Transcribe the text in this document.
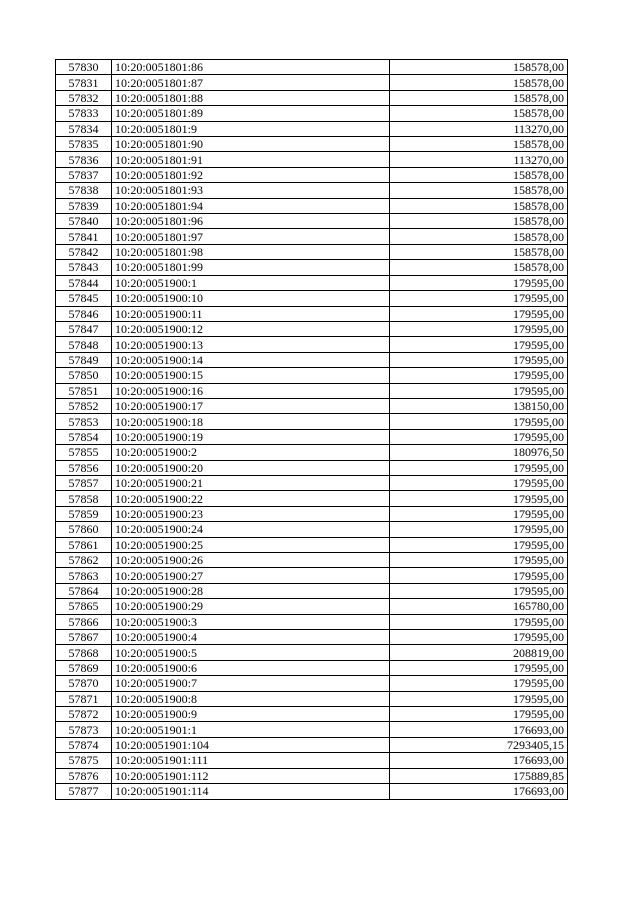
57830	10:20:0051801:86	158578,00
57831	10:20:0051801:87	158578,00
57832	10:20:0051801:88	158578,00
57833	10:20:0051801:89	158578,00
57834	10:20:0051801:9	113270,00
57835	10:20:0051801:90	158578,00
57836	10:20:0051801:91	113270,00
57837	10:20:0051801:92	158578,00
57838	10:20:0051801:93	158578,00
57839	10:20:0051801:94	158578,00
57840	10:20:0051801:96	158578,00
57841	10:20:0051801:97	158578,00
57842	10:20:0051801:98	158578,00
57843	10:20:0051801:99	158578,00
57844	10:20:0051900:1	179595,00
57845	10:20:0051900:10	179595,00
57846	10:20:0051900:11	179595,00
57847	10:20:0051900:12	179595,00
57848	10:20:0051900:13	179595,00
57849	10:20:0051900:14	179595,00
57850	10:20:0051900:15	179595,00
57851	10:20:0051900:16	179595,00
57852	10:20:0051900:17	138150,00
57853	10:20:0051900:18	179595,00
57854	10:20:0051900:19	179595,00
57855	10:20:0051900:2	180976,50
57856	10:20:0051900:20	179595,00
57857	10:20:0051900:21	179595,00
57858	10:20:0051900:22	179595,00
57859	10:20:0051900:23	179595,00
57860	10:20:0051900:24	179595,00
57861	10:20:0051900:25	179595,00
57862	10:20:0051900:26	179595,00
57863	10:20:0051900:27	179595,00
57864	10:20:0051900:28	179595,00
57865	10:20:0051900:29	165780,00
57866	10:20:0051900:3	179595,00
57867	10:20:0051900:4	179595,00
57868	10:20:0051900:5	208819,00
57869	10:20:0051900:6	179595,00
57870	10:20:0051900:7	179595,00
57871	10:20:0051900:8	179595,00
57872	10:20:0051900:9	179595,00
57873	10:20:0051901:1	176693,00
57874	10:20:0051901:104	7293405,15
57875	10:20:0051901:111	176693,00
57876	10:20:0051901:112	175889,85
57877	10:20:0051901:114	176693,00
